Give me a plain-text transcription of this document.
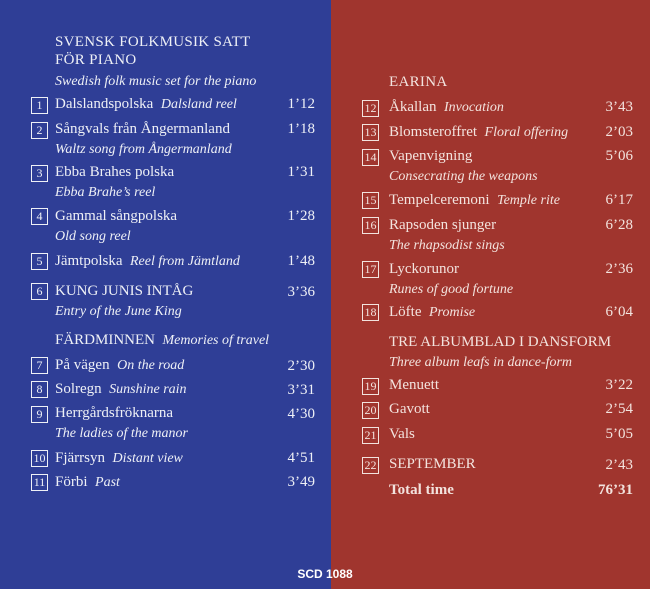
SVENSK FOLKMUSIK SATT
FÖR PIANO
Swedish folk music set for the piano
1 Dalslandspolska Dalsland reel	1’12
2 Sångvals från Ångermanland	1’18
Waltz song from Ångermanland
3 Ebba Brahes polska	1’31
Ebba Brahe’s reel
4 Gammal sångpolska	1’28
Old song reel
5 Jämtpolska Reel from Jämtland	1’48
6 KUNG JUNIS INTÅG	3’36
Entry of the June King
FÄRDMINNEN Memories of travel
7 På vägen On the road	2’30
8 Solregn Sunshine rain	3’31
9 Herrgårdsfröknarna	4’30
The ladies of the manor
10 Fjärrsyn Distant view	4’51
11 Förbi Past	3’49
EARINA
12 Åkallan Invocation	3’43
13 Blomsteroffret Floral offering	2’03
14 Vapenvigning	5’06
Consecrating the weapons
15 Tempelceremoni Temple rite	6’17
16 Rapsoden sjunger	6’28
The rhapsodist sings
17 Lyckorunor	2’36
Runes of good fortune
18 Löfte Promise	6’04
TRE ALBUMBLAD I DANSFORM
Three album leafs in dance-form
19 Menuett	3’22
20 Gavott	2’54
21 Vals	5’05
22 SEPTEMBER	2’43
Total time	76’31
SCD 1088
